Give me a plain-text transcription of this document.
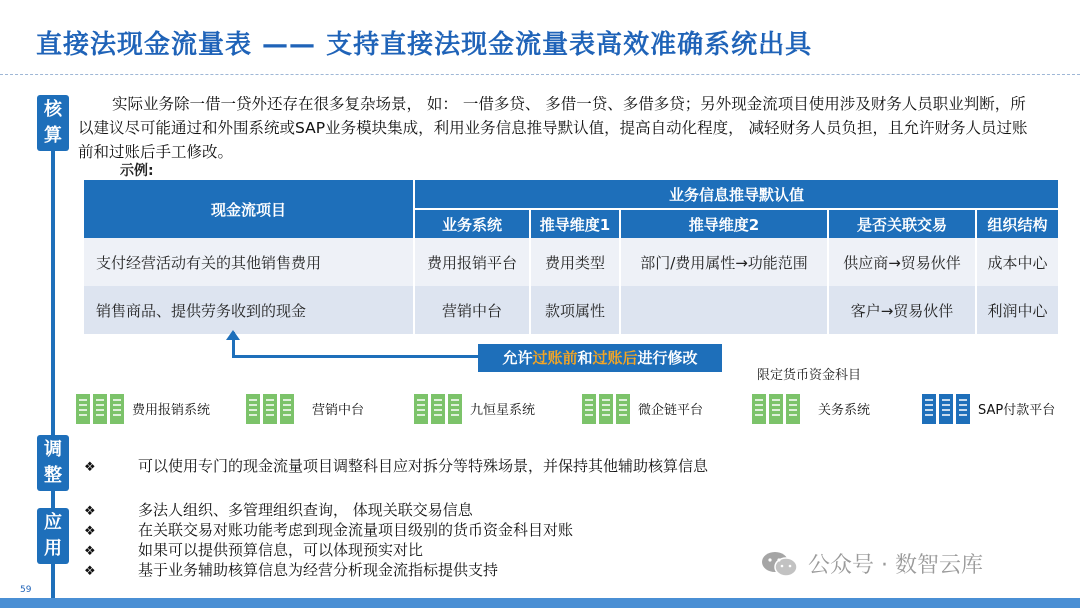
直接法现金流量表 —— 支持直接法现金流量表高效准确系统出具
核算
调整
应用
实际业务除一借一贷外还存在很多复杂场景， 如： 一借多贷、 多借一贷、多借多贷；另外现金流项目使用涉及财务人员职业判断，所以建议尽可能通过和外围系统或SAP业务模块集成，利用业务信息推导默认值，提高自动化程度， 减轻财务人员负担，且允许财务人员过账前和过账后手工修改。
示例:
现金流项目	业务信息推导默认值				
	业务系统	推导维度1	推导维度2	是否关联交易	组织结构
支付经营活动有关的其他销售费用	费用报销平台	费用类型	部门/费用属性→功能范围	供应商→贸易伙伴	成本中心
销售商品、提供劳务收到的现金	营销中台	款项属性		客户→贸易伙伴	利润中心
允许过账前和过账后进行修改
限定货币资金科目
费用报销系统	营销中台	九恒星系统	微企链平台	关务系统	SAP付款平台
❖	可以使用专门的现金流量项目调整科目应对拆分等特殊场景，并保持其他辅助核算信息
❖	多法人组织、多管理组织查询， 体现关联交易信息
❖	在关联交易对账功能考虑到现金流量项目级别的货币资金科目对账
❖	如果可以提供预算信息，可以体现预实对比
❖	基于业务辅助核算信息为经营分析现金流指标提供支持	公众号 · 数智云库
59
